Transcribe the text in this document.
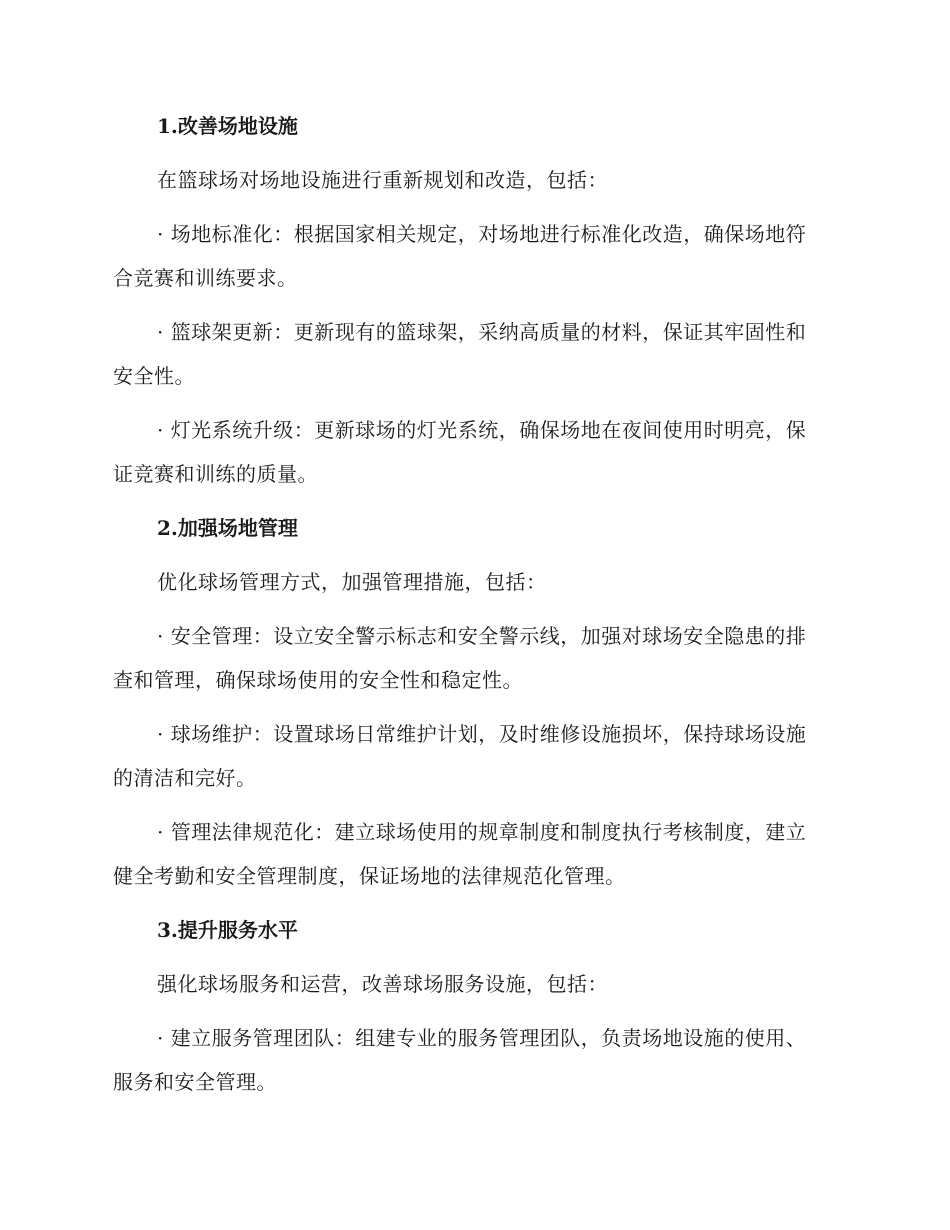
1.改善场地设施

在篮球场对场地设施进行重新规划和改造，包括：

· 场地标准化：根据国家相关规定，对场地进行标准化改造，确保场地符合竞赛和训练要求。

· 篮球架更新：更新现有的篮球架，采纳高质量的材料，保证其牢固性和安全性。

· 灯光系统升级：更新球场的灯光系统，确保场地在夜间使用时明亮，保证竞赛和训练的质量。

2.加强场地管理

优化球场管理方式，加强管理措施，包括：

· 安全管理：设立安全警示标志和安全警示线，加强对球场安全隐患的排查和管理，确保球场使用的安全性和稳定性。

· 球场维护：设置球场日常维护计划，及时维修设施损坏，保持球场设施的清洁和完好。

· 管理法律规范化：建立球场使用的规章制度和制度执行考核制度，建立健全考勤和安全管理制度，保证场地的法律规范化管理。

3.提升服务水平

强化球场服务和运营，改善球场服务设施，包括：

· 建立服务管理团队：组建专业的服务管理团队，负责场地设施的使用、服务和安全管理。
